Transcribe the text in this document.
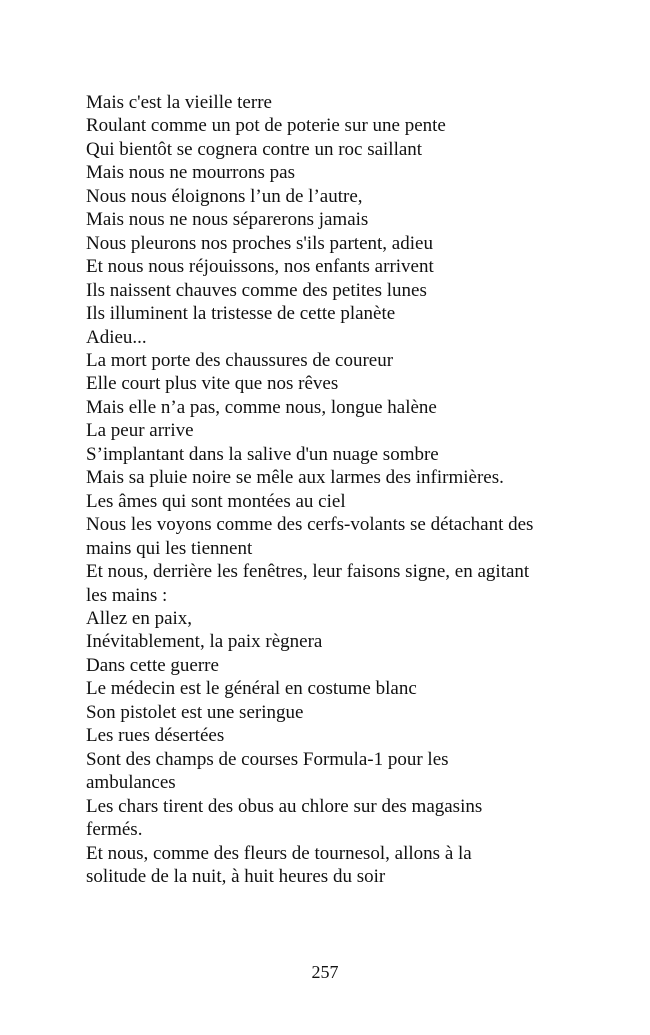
Mais c'est la vieille terre
Roulant comme un pot de poterie sur une pente
Qui bientôt se cognera contre un roc saillant
Mais nous ne mourrons pas
Nous nous éloignons l’un de l’autre,
Mais nous ne nous séparerons jamais
Nous pleurons nos proches s'ils partent, adieu
Et nous nous réjouissons, nos enfants arrivent
Ils naissent chauves comme des petites lunes
Ils illuminent la tristesse de cette planète
Adieu...
La mort porte des chaussures de coureur
Elle court plus vite que nos rêves
Mais elle n’a pas, comme nous, longue halène
La peur arrive
S’implantant dans la salive d'un nuage sombre
Mais sa pluie noire se mêle aux larmes des infirmières.
Les âmes qui sont montées au ciel
Nous les voyons comme des cerfs-volants se détachant des
mains qui les tiennent
Et nous, derrière les fenêtres, leur faisons signe, en agitant
les mains :
Allez en paix,
Inévitablement, la paix règnera
Dans cette guerre
Le médecin est le général en costume blanc
Son pistolet est une seringue
Les rues désertées
Sont des champs de courses Formula-1 pour les
ambulances
Les chars tirent des obus au chlore sur des magasins
fermés.
Et nous, comme des fleurs de tournesol, allons à la
solitude de la nuit, à huit heures du soir
257
